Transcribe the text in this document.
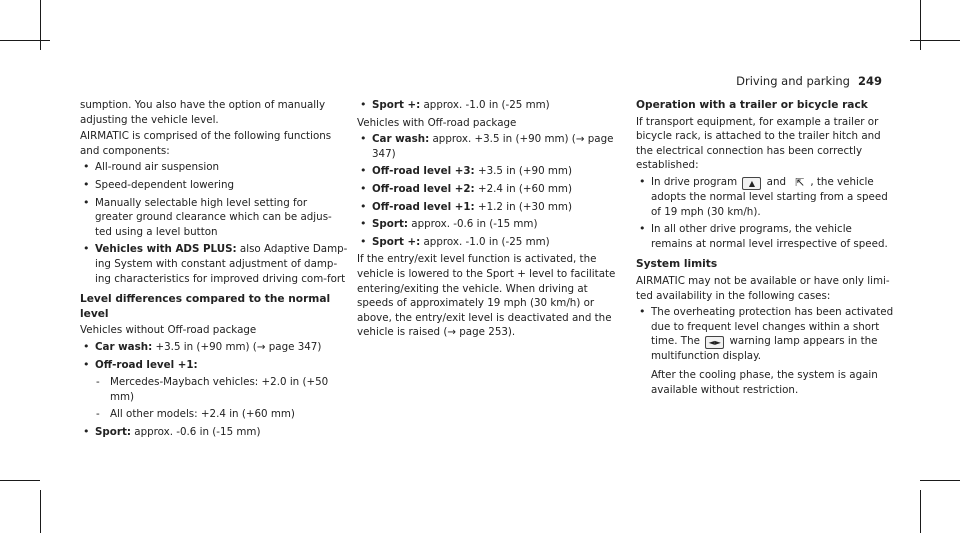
Driving and parking 249

sumption. You also have the option of manually adjusting the vehicle level.

AIRMATIC is comprised of the following functions and components:

• All-round air suspension
• Speed-dependent lowering
• Manually selectable high level setting for greater ground clearance which can be adjus-ted using a level button
• Vehicles with ADS PLUS: also Adaptive Damp-ing System with constant adjustment of damp-ing characteristics for improved driving com-fort
Level differences compared to the normal level

Vehicles without Off-road package

• Car wash: +3.5 in (+90 mm) (→ page 347)
• Off-road level +1:
- Mercedes-Maybach vehicles: +2.0 in (+50 mm)
- All other models: +2.4 in (+60 mm)
• Sport: approx. -0.6 in (-15 mm)
• Sport +: approx. -1.0 in (-25 mm)

Vehicles with Off-road package

• Car wash: approx. +3.5 in (+90 mm) (→ page 347)
• Off-road level +3: +3.5 in (+90 mm)
• Off-road level +2: +2.4 in (+60 mm)
• Off-road level +1: +1.2 in (+30 mm)
• Sport: approx. -0.6 in (-15 mm)
• Sport +: approx. -1.0 in (-25 mm)

If the entry/exit level function is activated, the vehicle is lowered to the Sport + level to facilitate entering/exiting the vehicle. When driving at speeds of approximately 19 mph (30 km/h) or above, the entry/exit level is deactivated and the vehicle is raised (→ page 253).

Operation with a trailer or bicycle rack

If transport equipment, for example a trailer or bicycle rack, is attached to the trailer hitch and the electrical connection has been correctly established:

• In drive program ▲ and ⇱ , the vehicle adopts the normal level starting from a speed of 19 mph (30 km/h).
• In all other drive programs, the vehicle remains at normal level irrespective of speed.
System limits

AIRMATIC may not be available or have only limi-ted availability in the following cases:

• The overheating protection has been activated due to frequent level changes within a short time. The ◄► warning lamp appears in the multifunction display.
After the cooling phase, the system is again available without restriction.
